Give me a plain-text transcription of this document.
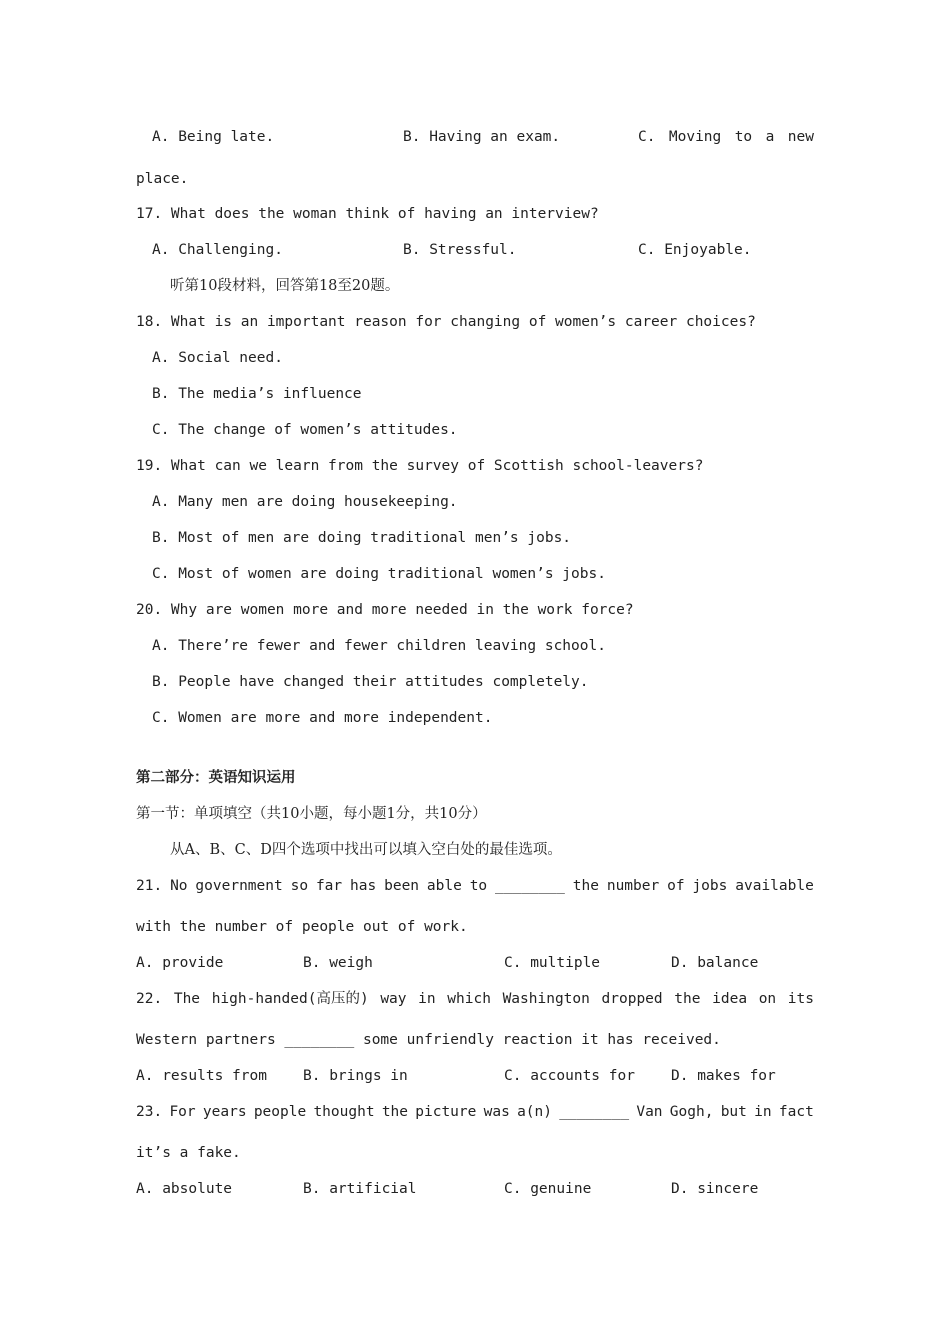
A. Being late.	B. Having an exam.	C. Moving to a new
place.
17. What does the woman think of having an interview?
A. Challenging.	B. Stressful.	C. Enjoyable.
听第10段材料，回答第18至20题。
18. What is an important reason for changing of women’s career choices?
A. Social need.
B. The media’s influence
C. The change of women’s attitudes.
19. What can we learn from the survey of Scottish school-leavers?
A. Many men are doing housekeeping.
B. Most of men are doing traditional men’s jobs.
C. Most of women are doing traditional women’s jobs.
20. Why are women more and more needed in the work force?
A. There’re fewer and fewer children leaving school.
B. People have changed their attitudes completely.
C. Women are more and more independent.
第二部分：英语知识运用
第一节：单项填空（共10小题，每小题1分，共10分）
从A、B、C、D四个选项中找出可以填入空白处的最佳选项。
21. No government so far has been able to ________ the number of jobs available
with the number of people out of work.
A. provide	B. weigh	C. multiple	D. balance
22. The high-handed(高压的) way in which Washington dropped the idea on its
Western partners ________ some unfriendly reaction it has received.
A. results from B. brings in	C. accounts for D. makes for
23. For years people thought the picture was a(n) ________ Van Gogh, but in fact
it’s a fake.
A. absolute	B. artificial	C. genuine	D. sincere
